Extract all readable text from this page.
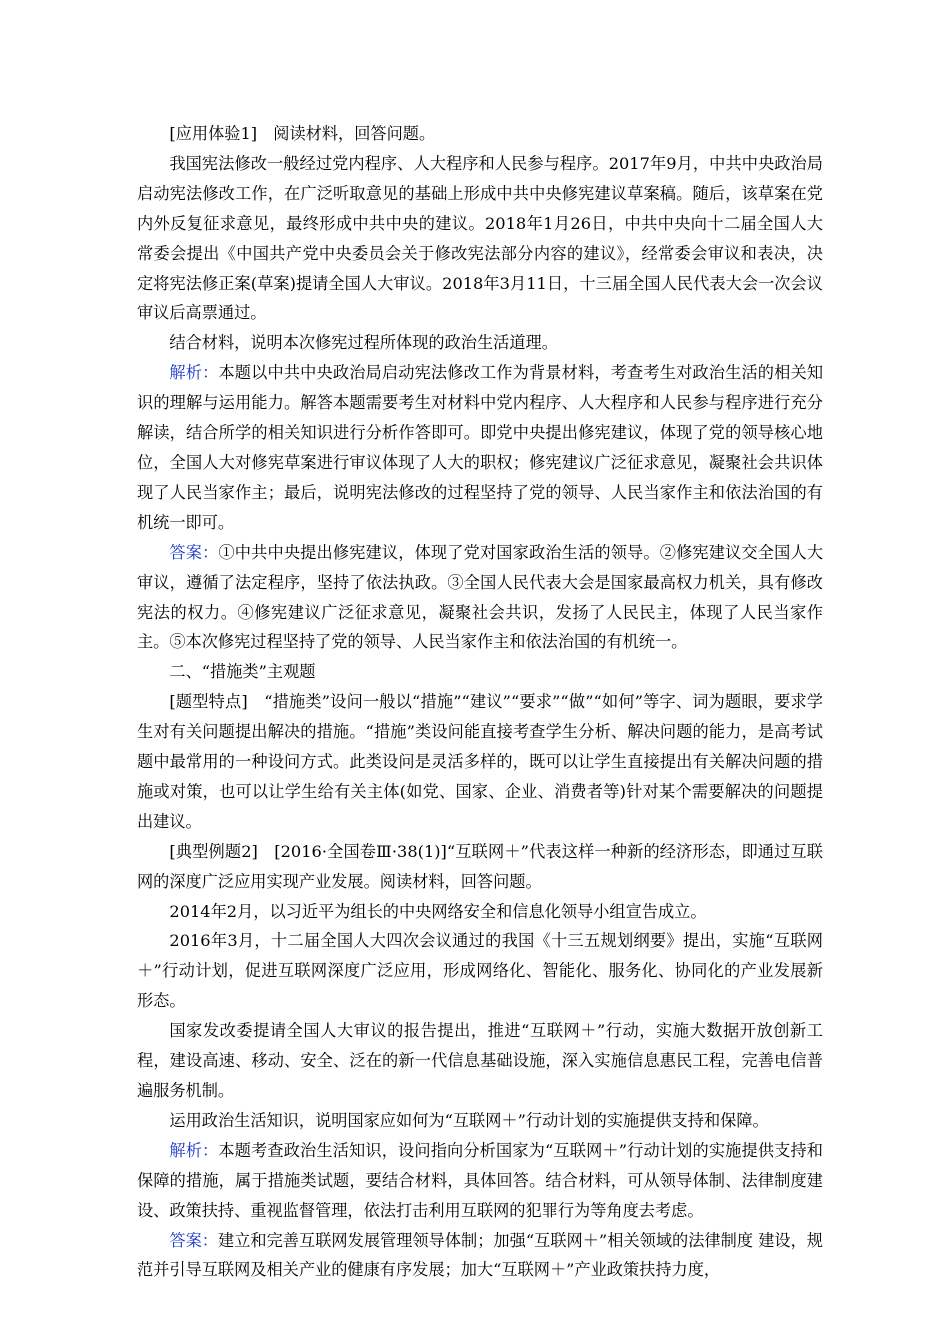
[应用体验1]　阅读材料，回答问题。

我国宪法修改一般经过党内程序、人大程序和人民参与程序。2017年9月，中共中央政治局启动宪法修改工作，在广泛听取意见的基础上形成中共中央修宪建议草案稿。随后，该草案在党内外反复征求意见，最终形成中共中央的建议。2018年1月26日，中共中央向十二届全国人大常委会提出《中国共产党中央委员会关于修改宪法部分内容的建议》，经常委会审议和表决，决定将宪法修正案(草案)提请全国人大审议。2018年3月11日，十三届全国人民代表大会一次会议审议后高票通过。

结合材料，说明本次修宪过程所体现的政治生活道理。

解析：本题以中共中央政治局启动宪法修改工作为背景材料，考查考生对政治生活的相关知识的理解与运用能力。解答本题需要考生对材料中党内程序、人大程序和人民参与程序进行充分解读，结合所学的相关知识进行分析作答即可。即党中央提出修宪建议，体现了党的领导核心地位，全国人大对修宪草案进行审议体现了人大的职权；修宪建议广泛征求意见，凝聚社会共识体现了人民当家作主；最后，说明宪法修改的过程坚持了党的领导、人民当家作主和依法治国的有机统一即可。

答案：①中共中央提出修宪建议，体现了党对国家政治生活的领导。②修宪建议交全国人大审议，遵循了法定程序，坚持了依法执政。③全国人民代表大会是国家最高权力机关，具有修改宪法的权力。④修宪建议广泛征求意见，凝聚社会共识，发扬了人民民主，体现了人民当家作主。⑤本次修宪过程坚持了党的领导、人民当家作主和依法治国的有机统一。

二、“措施类”主观题

[题型特点]　“措施类”设问一般以“措施”“建议”“要求”“做”“如何”等字、词为题眼，要求学生对有关问题提出解决的措施。“措施”类设问能直接考查学生分析、解决问题的能力，是高考试题中最常用的一种设问方式。此类设问是灵活多样的，既可以让学生直接提出有关解决问题的措施或对策，也可以让学生给有关主体(如党、国家、企业、消费者等)针对某个需要解决的问题提出建议。

[典型例题2]　[2016·全国卷Ⅲ·38(1)]“互联网＋”代表这样一种新的经济形态，即通过互联网的深度广泛应用实现产业发展。阅读材料，回答问题。

2014年2月，以习近平为组长的中央网络安全和信息化领导小组宣告成立。

2016年3月，十二届全国人大四次会议通过的我国《十三五规划纲要》提出，实施“互联网＋”行动计划，促进互联网深度广泛应用，形成网络化、智能化、服务化、协同化的产业发展新形态。

国家发改委提请全国人大审议的报告提出，推进“互联网＋”行动，实施大数据开放创新工程，建设高速、移动、安全、泛在的新一代信息基础设施，深入实施信息惠民工程，完善电信普遍服务机制。

运用政治生活知识，说明国家应如何为“互联网＋”行动计划的实施提供支持和保障。

解析：本题考查政治生活知识，设问指向分析国家为“互联网＋”行动计划的实施提供支持和保障的措施，属于措施类试题，要结合材料，具体回答。结合材料，可从领导体制、法律制度建设、政策扶持、重视监督管理，依法打击利用互联网的犯罪行为等角度去考虑。

答案：建立和完善互联网发展管理领导体制；加强“互联网＋”相关领域的法律制度 建设，规范并引导互联网及相关产业的健康有序发展；加大“互联网＋”产业政策扶持力度，
